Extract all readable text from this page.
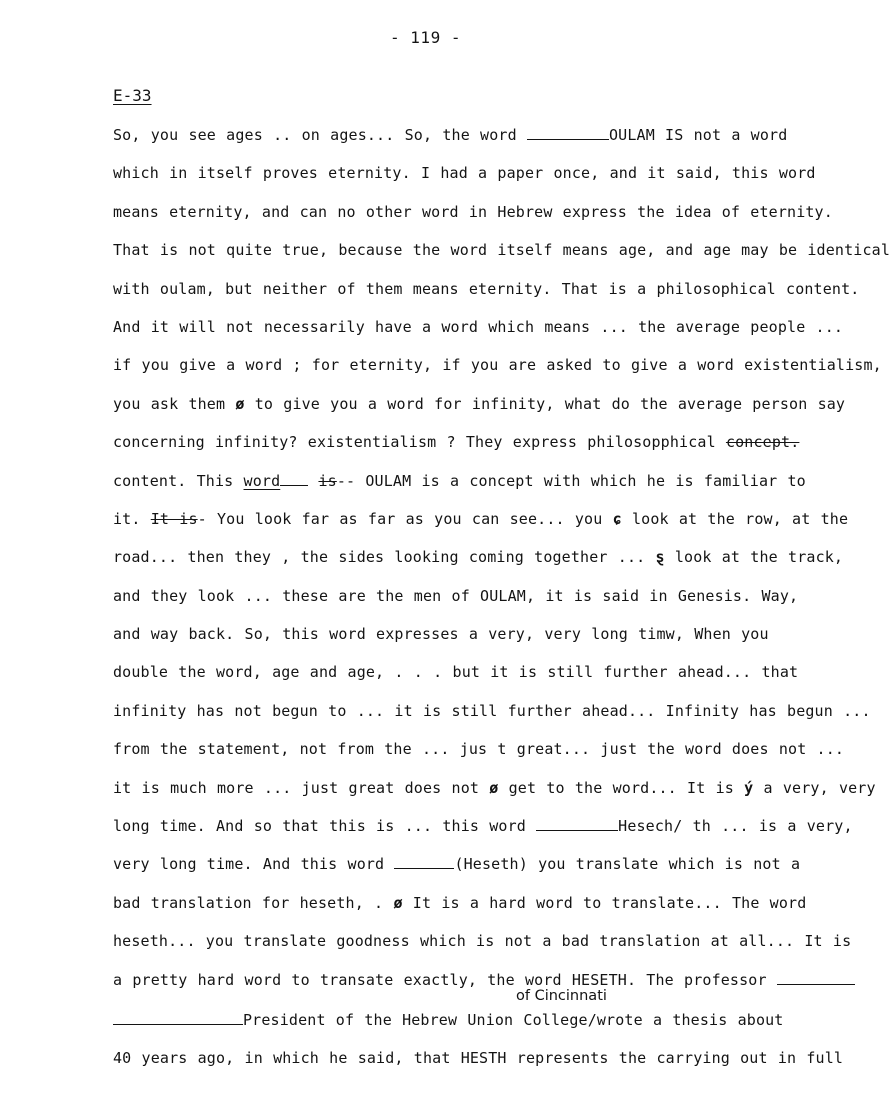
- 119 -
E-33
So, you see ages .. on ages... So, the word	OULAM IS not a word
which in itself proves eternity. I had a paper once, and it said, this word
means eternity, and can no other word in Hebrew express the idea of eternity.
That is not quite true, because the word itself means age, and age may be identical
with oulam, but neither of them means eternity. That is a philosophical content.
And it will not necessarily have a word which means ... the average people ...
if you give a word ; for eternity, if you are asked to give a word existentialism,
you ask them ø to give you a word for infinity, what do the average person say
concerning infinity? existentialism ? They express philosopphical concept.
content. This word	is-- OULAM is a concept with which he is familiar to
it. It is- You look far as far as you can see... you ɕ look at the row, at the
road... then they , the sides looking coming together ... ȿ look at the track,
and they look ... these are the men of OULAM, it is said in Genesis. Way,
and way back. So, this word expresses a very, very long timw, When you
double the word, age and age, . . . but it is still further ahead... that
infinity has not begun to ... it is still further ahead... Infinity has begun ...
from the statement, not from the ... jus t great... just the word does not ...
it is much more ... just great does not ø get to the word... It is ý a very, very
long time. And so that this is ... this word	Hesech/ th ... is a very,
very long time. And this word	(Heseth) you translate which is not a
bad translation for heseth, . ø It is a hard word to translate... The word
heseth... you translate goodness which is not a bad translation at all... It is
a pretty hard word to transate exactly, the word HESETH. The professor
of Cincinnati
President of the Hebrew Union College/wrote a thesis about
40 years ago, in which he said, that HESTH represents the carrying out in full
